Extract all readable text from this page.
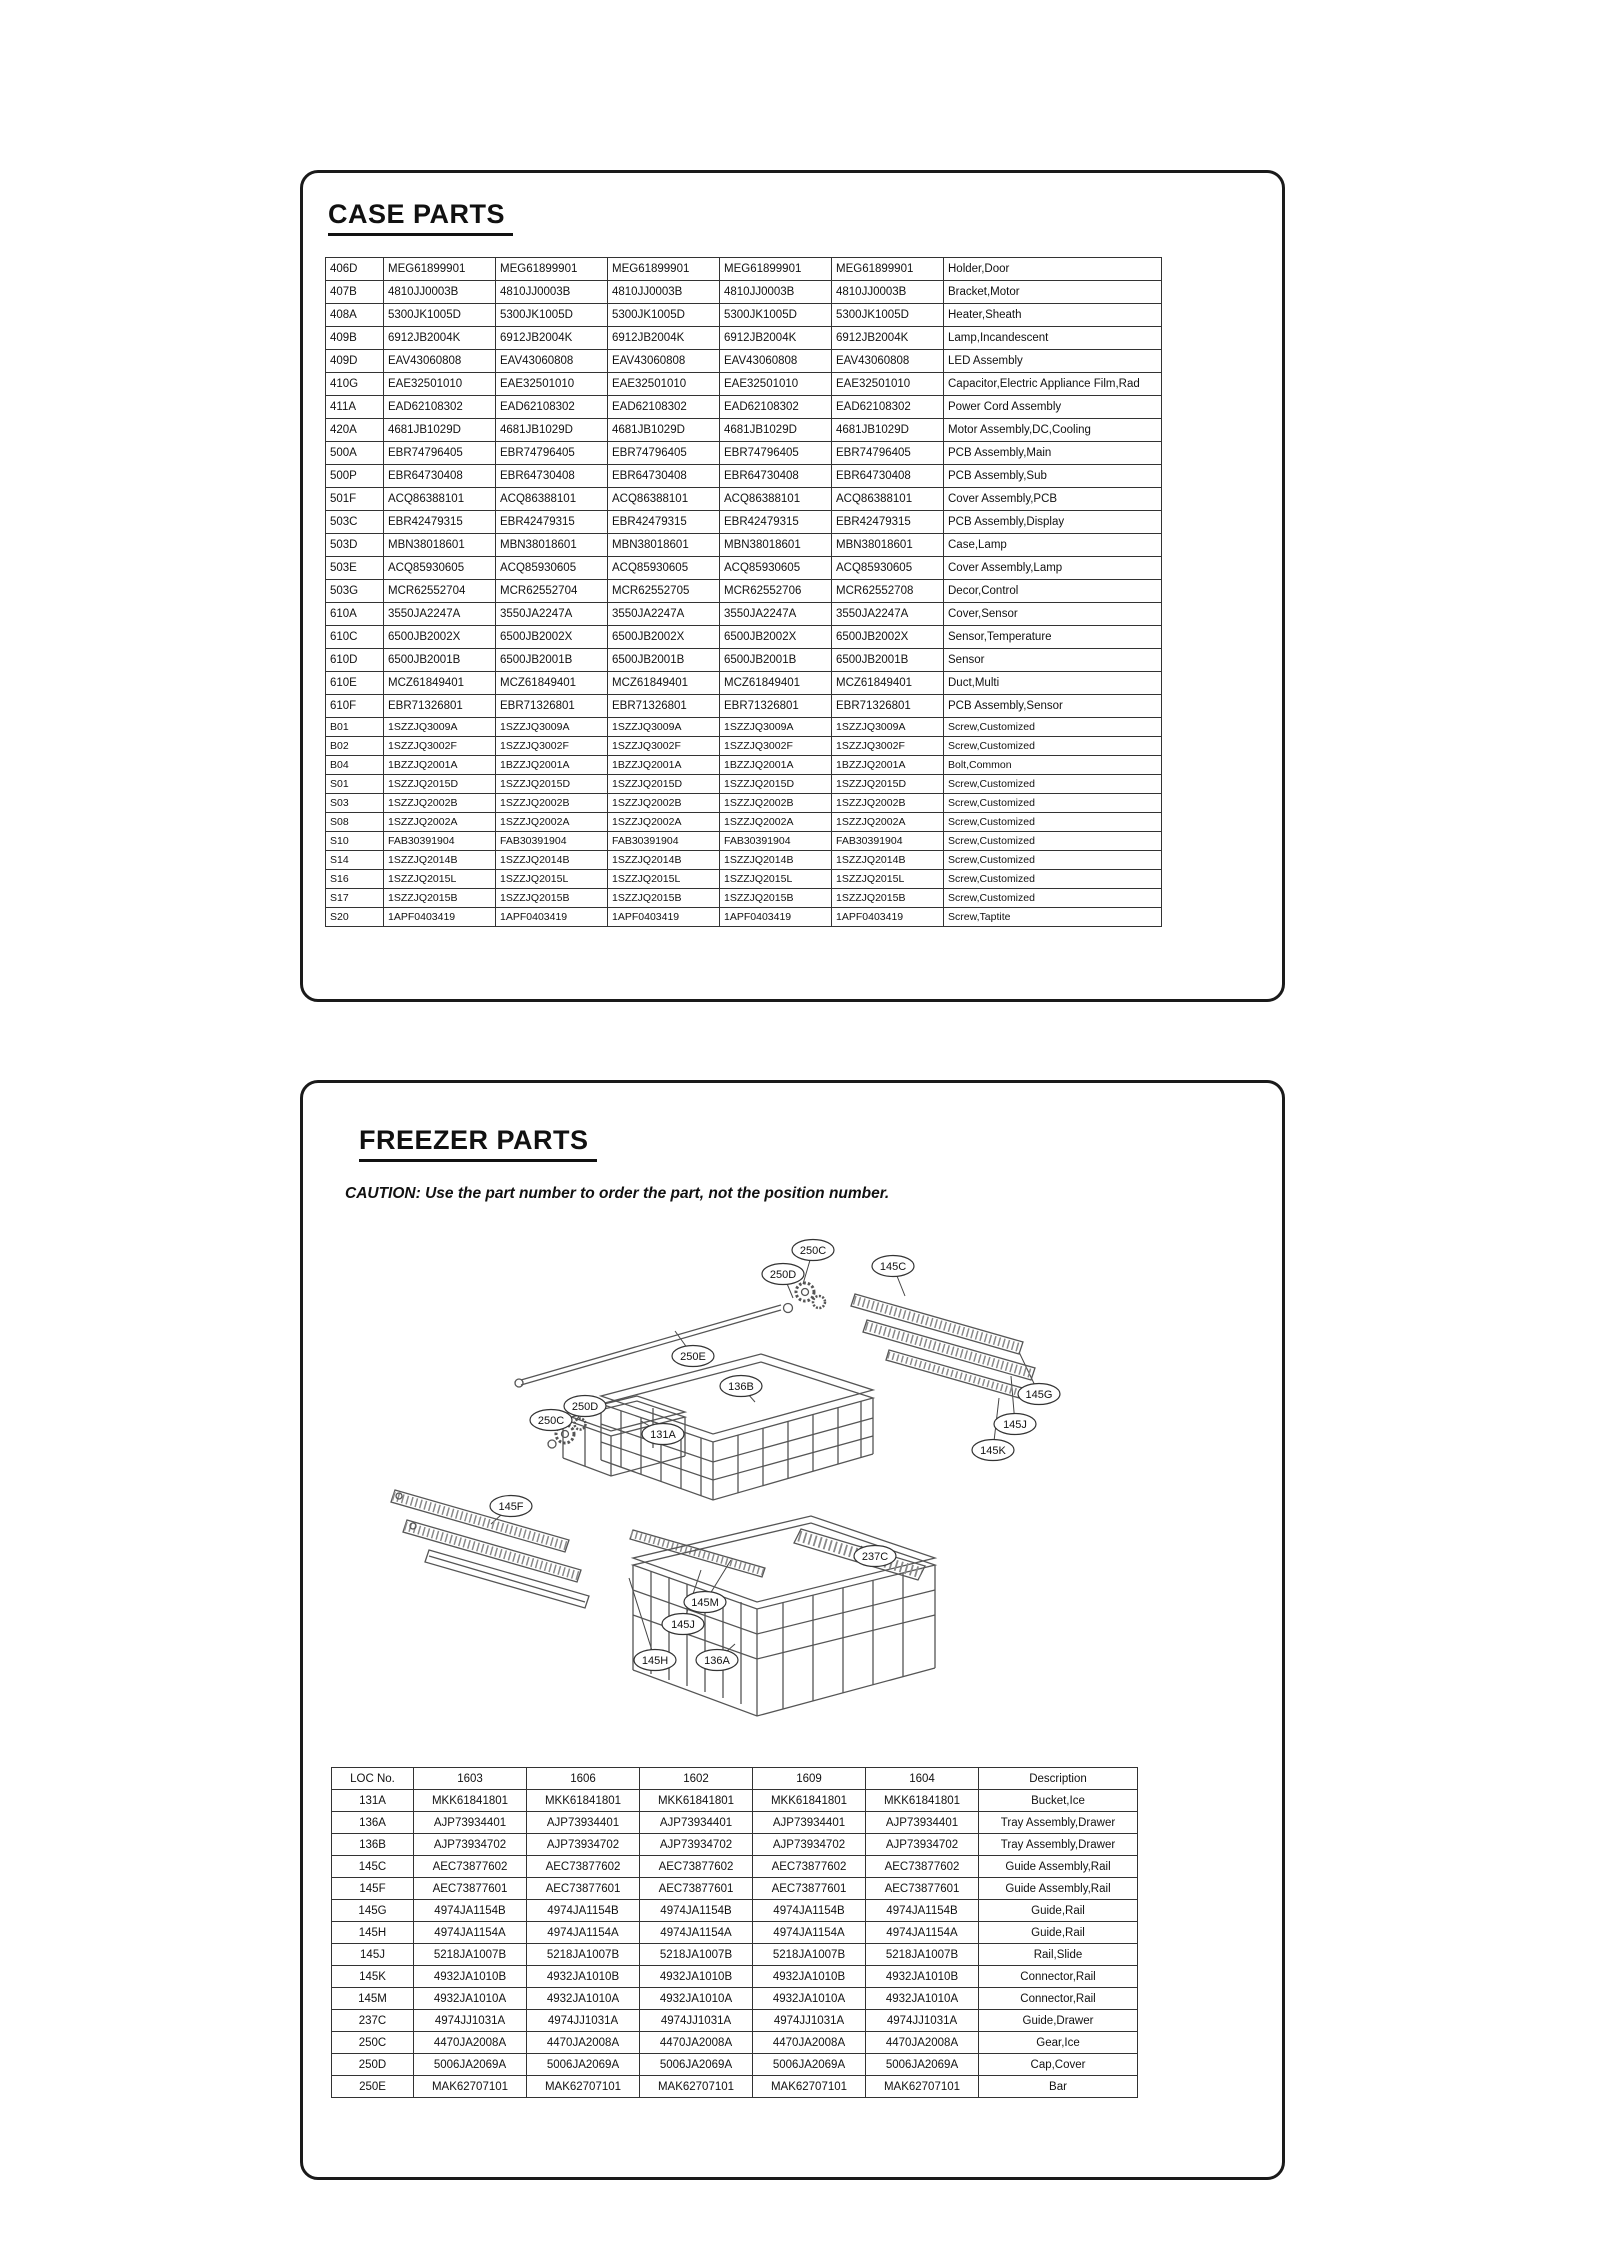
CASE PARTS
406D	MEG61899901	MEG61899901	MEG61899901	MEG61899901	MEG61899901	Holder,Door
407B	4810JJ0003B	4810JJ0003B	4810JJ0003B	4810JJ0003B	4810JJ0003B	Bracket,Motor
408A	5300JK1005D	5300JK1005D	5300JK1005D	5300JK1005D	5300JK1005D	Heater,Sheath
409B	6912JB2004K	6912JB2004K	6912JB2004K	6912JB2004K	6912JB2004K	Lamp,Incandescent
409D	EAV43060808	EAV43060808	EAV43060808	EAV43060808	EAV43060808	LED Assembly
410G	EAE32501010	EAE32501010	EAE32501010	EAE32501010	EAE32501010	Capacitor,Electric Appliance Film,Rad
411A	EAD62108302	EAD62108302	EAD62108302	EAD62108302	EAD62108302	Power Cord Assembly
420A	4681JB1029D	4681JB1029D	4681JB1029D	4681JB1029D	4681JB1029D	Motor Assembly,DC,Cooling
500A	EBR74796405	EBR74796405	EBR74796405	EBR74796405	EBR74796405	PCB Assembly,Main
500P	EBR64730408	EBR64730408	EBR64730408	EBR64730408	EBR64730408	PCB Assembly,Sub
501F	ACQ86388101	ACQ86388101	ACQ86388101	ACQ86388101	ACQ86388101	Cover Assembly,PCB
503C	EBR42479315	EBR42479315	EBR42479315	EBR42479315	EBR42479315	PCB Assembly,Display
503D	MBN38018601	MBN38018601	MBN38018601	MBN38018601	MBN38018601	Case,Lamp
503E	ACQ85930605	ACQ85930605	ACQ85930605	ACQ85930605	ACQ85930605	Cover Assembly,Lamp
503G	MCR62552704	MCR62552704	MCR62552705	MCR62552706	MCR62552708	Decor,Control
610A	3550JA2247A	3550JA2247A	3550JA2247A	3550JA2247A	3550JA2247A	Cover,Sensor
610C	6500JB2002X	6500JB2002X	6500JB2002X	6500JB2002X	6500JB2002X	Sensor,Temperature
610D	6500JB2001B	6500JB2001B	6500JB2001B	6500JB2001B	6500JB2001B	Sensor
610E	MCZ61849401	MCZ61849401	MCZ61849401	MCZ61849401	MCZ61849401	Duct,Multi
610F	EBR71326801	EBR71326801	EBR71326801	EBR71326801	EBR71326801	PCB Assembly,Sensor
B01	1SZZJQ3009A	1SZZJQ3009A	1SZZJQ3009A	1SZZJQ3009A	1SZZJQ3009A	Screw,Customized
B02	1SZZJQ3002F	1SZZJQ3002F	1SZZJQ3002F	1SZZJQ3002F	1SZZJQ3002F	Screw,Customized
B04	1BZZJQ2001A	1BZZJQ2001A	1BZZJQ2001A	1BZZJQ2001A	1BZZJQ2001A	Bolt,Common
S01	1SZZJQ2015D	1SZZJQ2015D	1SZZJQ2015D	1SZZJQ2015D	1SZZJQ2015D	Screw,Customized
S03	1SZZJQ2002B	1SZZJQ2002B	1SZZJQ2002B	1SZZJQ2002B	1SZZJQ2002B	Screw,Customized
S08	1SZZJQ2002A	1SZZJQ2002A	1SZZJQ2002A	1SZZJQ2002A	1SZZJQ2002A	Screw,Customized
S10	FAB30391904	FAB30391904	FAB30391904	FAB30391904	FAB30391904	Screw,Customized
S14	1SZZJQ2014B	1SZZJQ2014B	1SZZJQ2014B	1SZZJQ2014B	1SZZJQ2014B	Screw,Customized
S16	1SZZJQ2015L	1SZZJQ2015L	1SZZJQ2015L	1SZZJQ2015L	1SZZJQ2015L	Screw,Customized
S17	1SZZJQ2015B	1SZZJQ2015B	1SZZJQ2015B	1SZZJQ2015B	1SZZJQ2015B	Screw,Customized
S20	1APF0403419	1APF0403419	1APF0403419	1APF0403419	1APF0403419	Screw,Taptite
FREEZER PARTS
CAUTION: Use the part number to order the part, not the position number.
250C
250D
145C
250E
136B
250D
250C
131A
145G
145J
145K
145F
237C
145M
145J
145H	136A
LOC No.	1603	1606	1602	1609	1604	Description
131A	MKK61841801	MKK61841801	MKK61841801	MKK61841801	MKK61841801	Bucket,Ice
136A	AJP73934401	AJP73934401	AJP73934401	AJP73934401	AJP73934401	Tray Assembly,Drawer
136B	AJP73934702	AJP73934702	AJP73934702	AJP73934702	AJP73934702	Tray Assembly,Drawer
145C	AEC73877602	AEC73877602	AEC73877602	AEC73877602	AEC73877602	Guide Assembly,Rail
145F	AEC73877601	AEC73877601	AEC73877601	AEC73877601	AEC73877601	Guide Assembly,Rail
145G	4974JA1154B	4974JA1154B	4974JA1154B	4974JA1154B	4974JA1154B	Guide,Rail
145H	4974JA1154A	4974JA1154A	4974JA1154A	4974JA1154A	4974JA1154A	Guide,Rail
145J	5218JA1007B	5218JA1007B	5218JA1007B	5218JA1007B	5218JA1007B	Rail,Slide
145K	4932JA1010B	4932JA1010B	4932JA1010B	4932JA1010B	4932JA1010B	Connector,Rail
145M	4932JA1010A	4932JA1010A	4932JA1010A	4932JA1010A	4932JA1010A	Connector,Rail
237C	4974JJ1031A	4974JJ1031A	4974JJ1031A	4974JJ1031A	4974JJ1031A	Guide,Drawer
250C	4470JA2008A	4470JA2008A	4470JA2008A	4470JA2008A	4470JA2008A	Gear,Ice
250D	5006JA2069A	5006JA2069A	5006JA2069A	5006JA2069A	5006JA2069A	Cap,Cover
250E	MAK62707101	MAK62707101	MAK62707101	MAK62707101	MAK62707101	Bar
